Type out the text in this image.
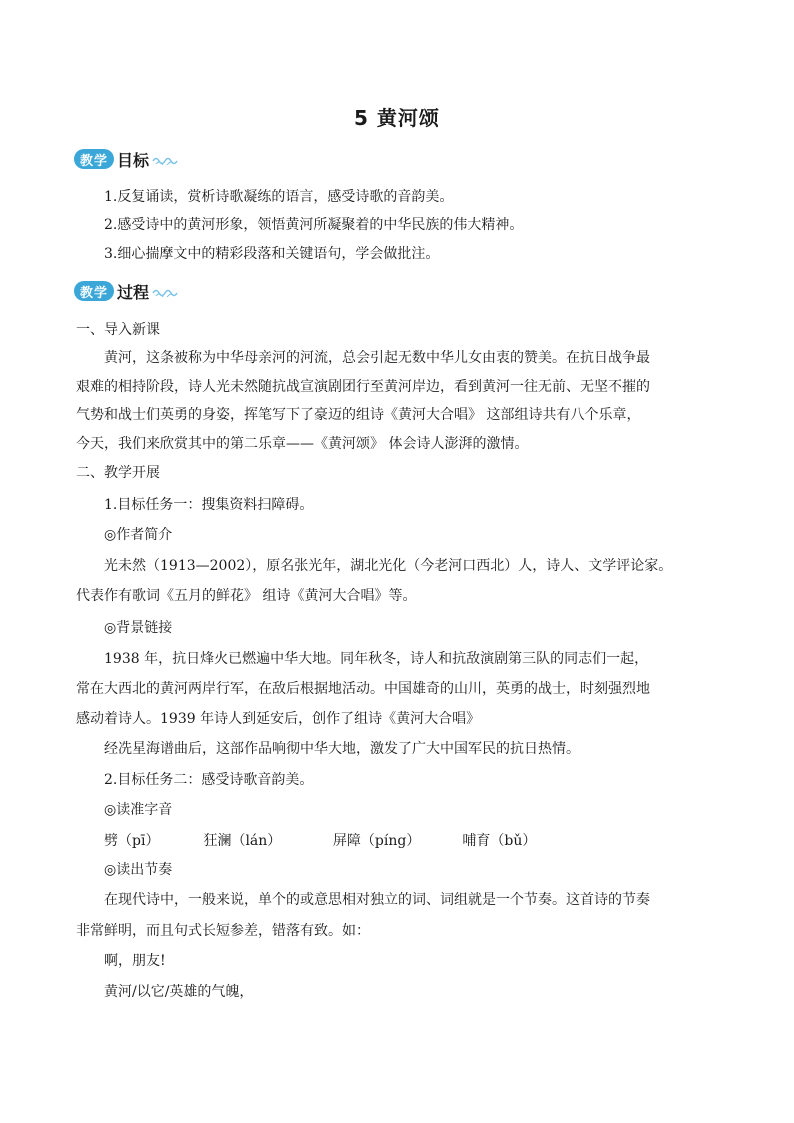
5 黄河颂
教学 目标
1.反复诵读，赏析诗歌凝练的语言，感受诗歌的音韵美。
2.感受诗中的黄河形象，领悟黄河所凝聚着的中华民族的伟大精神。
3.细心揣摩文中的精彩段落和关键语句，学会做批注。
教学 过程
一、导入新课
黄河，这条被称为中华母亲河的河流，总会引起无数中华儿女由衷的赞美。在抗日战争最
艰难的相持阶段，诗人光未然随抗战宣演剧团行至黄河岸边，看到黄河一往无前、无坚不摧的
气势和战士们英勇的身姿，挥笔写下了豪迈的组诗《黄河大合唱》 这部组诗共有八个乐章，
今天，我们来欣赏其中的第二乐章——《黄河颂》 体会诗人澎湃的激情。
二、教学开展
1.目标任务一：搜集资料扫障碍。
◎作者简介
光未然（1913—2002），原名张光年，湖北光化（今老河口西北）人，诗人、文学评论家。
代表作有歌词《五月的鲜花》 组诗《黄河大合唱》等。
◎背景链接
1938 年，抗日烽火已燃遍中华大地。同年秋冬，诗人和抗敌演剧第三队的同志们一起，
常在大西北的黄河两岸行军，在敌后根据地活动。中国雄奇的山川，英勇的战士，时刻强烈地
感动着诗人。1939 年诗人到延安后，创作了组诗《黄河大合唱》
经冼星海谱曲后，这部作品响彻中华大地，激发了广大中国军民的抗日热情。
2.目标任务二：感受诗歌音韵美。
◎读准字音
劈（pī）	狂澜（lán）	屏障（píng）	哺育（bǔ）
◎读出节奏
在现代诗中，一般来说，单个的或意思相对独立的词、词组就是一个节奏。这首诗的节奏
非常鲜明，而且句式长短参差，错落有致。如：
啊，朋友!
黄河/以它/英雄的气魄，
